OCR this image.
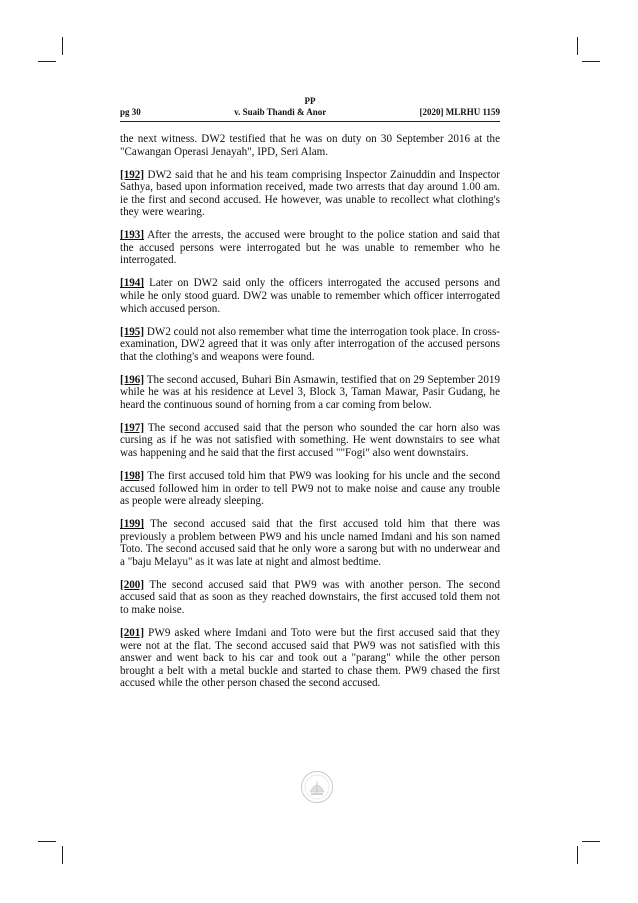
PP
pg 30	v. Suaib Thandi & Anor	[2020] MLRHU 1159

the next witness. DW2 testified that he was on duty on 30 September 2016 at the "Cawangan Operasi Jenayah", IPD, Seri Alam.

[192] DW2 said that he and his team comprising Inspector Zainuddin and Inspector Sathya, based upon information received, made two arrests that day around 1.00 am. ie the first and second accused. He however, was unable to recollect what clothing's they were wearing.

[193] After the arrests, the accused were brought to the police station and said that the accused persons were interrogated but he was unable to remember who he interrogated.

[194] Later on DW2 said only the officers interrogated the accused persons and while he only stood guard. DW2 was unable to remember which officer interrogated which accused person.

[195] DW2 could not also remember what time the interrogation took place. In cross-examination, DW2 agreed that it was only after interrogation of the accused persons that the clothing's and weapons were found.

[196] The second accused, Buhari Bin Asmawin, testified that on 29 September 2019 while he was at his residence at Level 3, Block 3, Taman Mawar, Pasir Gudang, he heard the continuous sound of horning from a car coming from below.

[197] The second accused said that the person who sounded the car horn also was cursing as if he was not satisfied with something. He went downstairs to see what was happening and he said that the first accused ""Fogi" also went downstairs.

[198] The first accused told him that PW9 was looking for his uncle and the second accused followed him in order to tell PW9 not to make noise and cause any trouble as people were already sleeping.

[199] The second accused said that the first accused told him that there was previously a problem between PW9 and his uncle named Imdani and his son named Toto. The second accused said that he only wore a sarong but with no underwear and a "baju Melayu" as it was late at night and almost bedtime.

[200] The second accused said that PW9 was with another person. The second accused said that as soon as they reached downstairs, the first accused told them not to make noise.

[201] PW9 asked where Imdani and Toto were but the first accused said that they were not at the flat. The second accused said that PW9 was not satisfied with this answer and went back to his car and took out a "parang" while the other person brought a belt with a metal buckle and started to chase them. PW9 chased the first accused while the other person chased the second accused.
